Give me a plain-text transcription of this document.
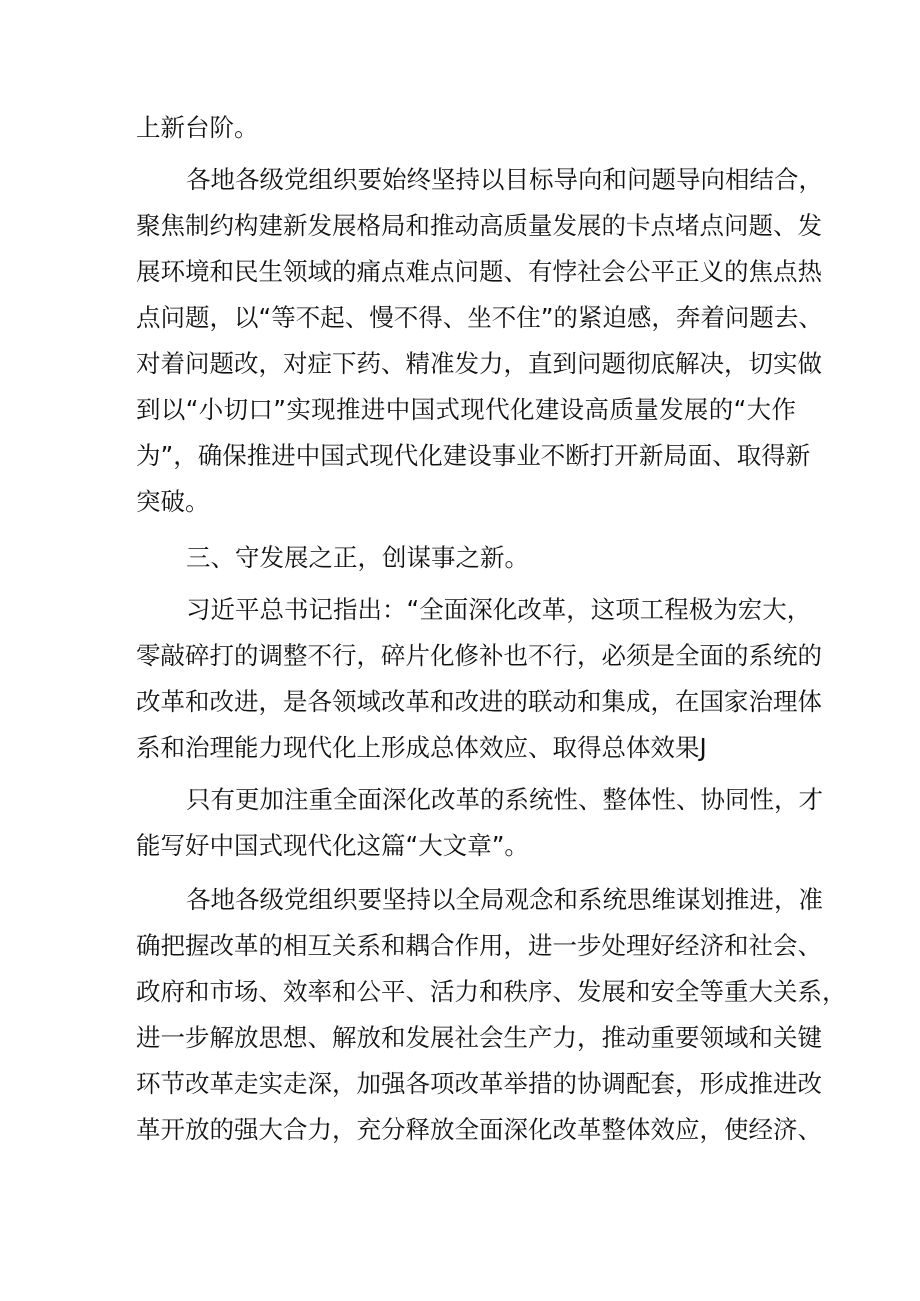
上新台阶。

各地各级党组织要始终坚持以目标导向和问题导向相结合，

聚焦制约构建新发展格局和推动高质量发展的卡点堵点问题、发

展环境和民生领域的痛点难点问题、有悖社会公平正义的焦点热

点问题，以“等不起、慢不得、坐不住”的紧迫感，奔着问题去、

对着问题改，对症下药、精准发力，直到问题彻底解决，切实做

到以“小切口”实现推进中国式现代化建设高质量发展的“大作

为”，确保推进中国式现代化建设事业不断打开新局面、取得新

突破。

三、守发展之正，创谋事之新。

习近平总书记指出：“全面深化改革，这项工程极为宏大，

零敲碎打的调整不行，碎片化修补也不行，必须是全面的系统的

改革和改进，是各领域改革和改进的联动和集成，在国家治理体

系和治理能力现代化上形成总体效应、取得总体效果J

只有更加注重全面深化改革的系统性、整体性、协同性，才

能写好中国式现代化这篇“大文章”。

各地各级党组织要坚持以全局观念和系统思维谋划推进，准

确把握改革的相互关系和耦合作用，进一步处理好经济和社会、

政府和市场、效率和公平、活力和秩序、发展和安全等重大关系，

进一步解放思想、解放和发展社会生产力，推动重要领域和关键

环节改革走实走深，加强各项改革举措的协调配套，形成推进改

革开放的强大合力，充分释放全面深化改革整体效应，使经济、
